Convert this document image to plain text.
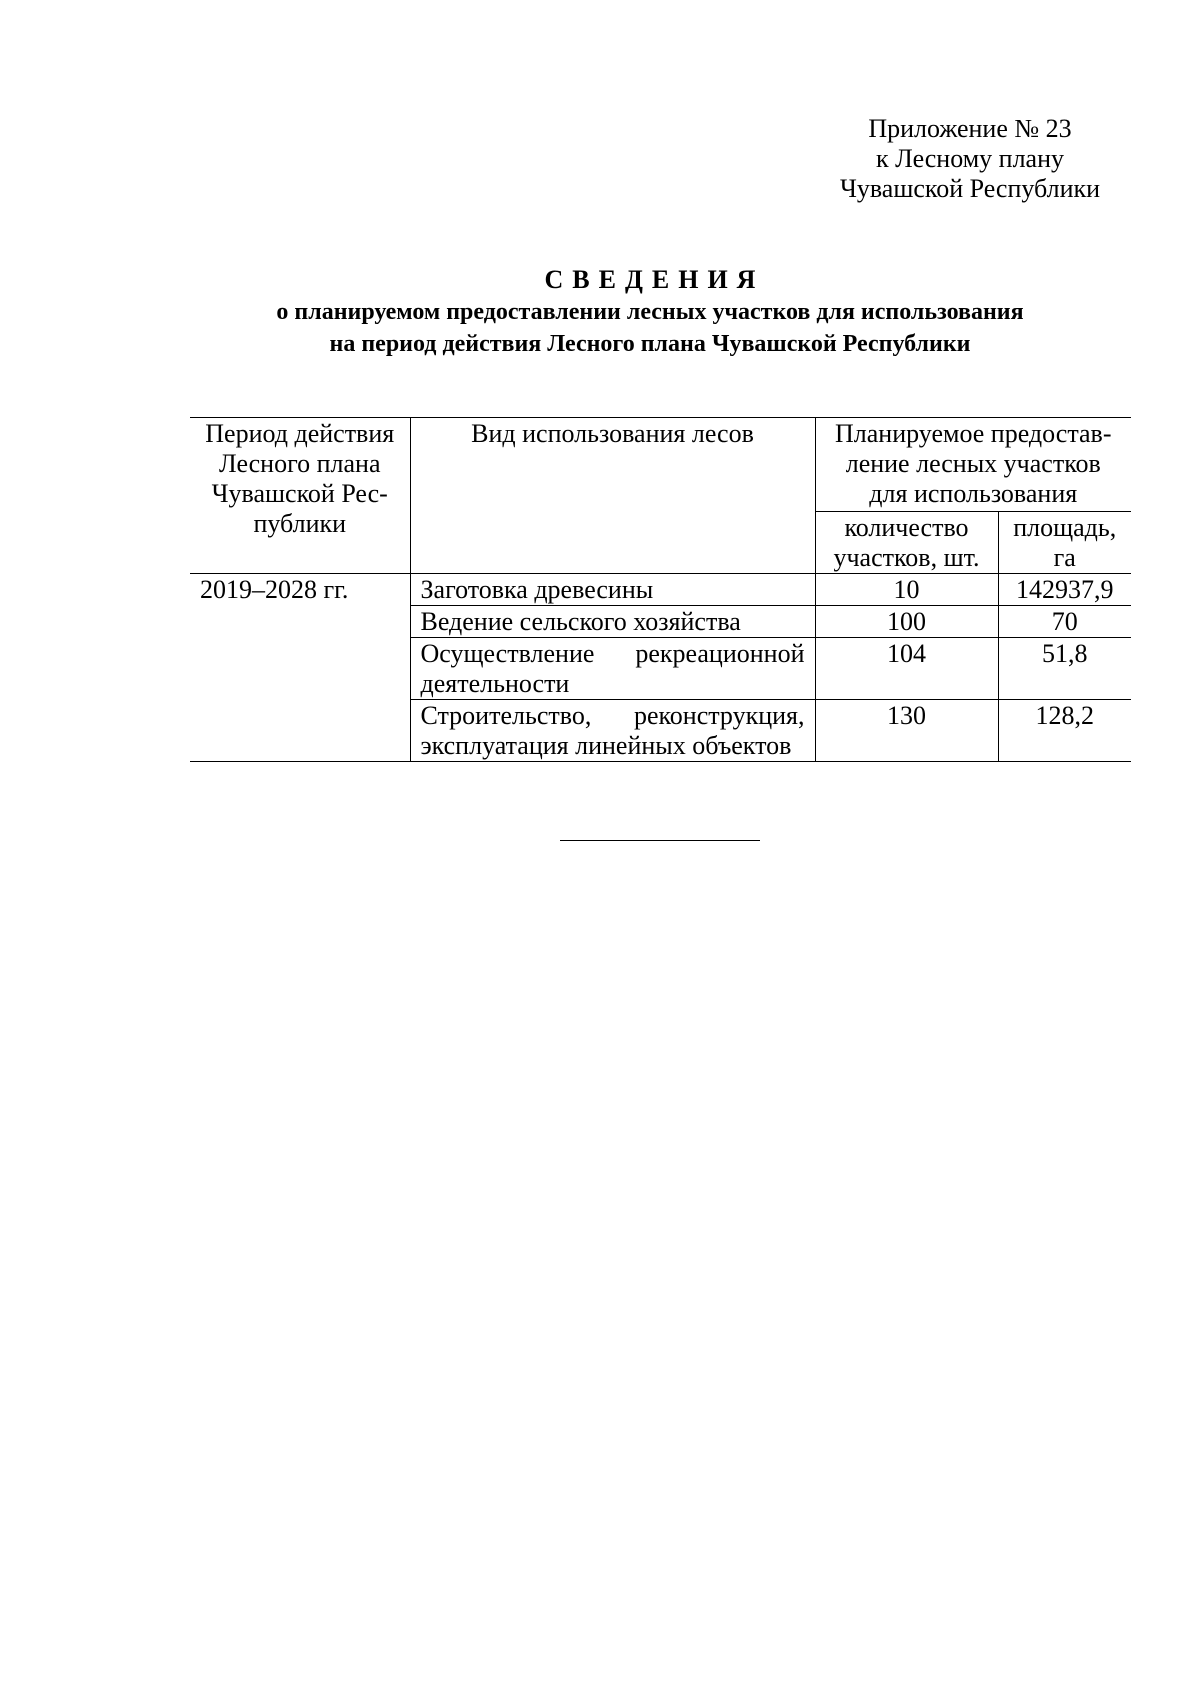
Приложение № 23
к Лесному плану
Чувашской Республики
СВЕДЕНИЯ
о планируемом предоставлении лесных участков для использования
на период действия Лесного плана Чувашской Республики
Период действия Лесного плана Чувашской Рес-публики	Вид использования лесов	Планируемое предостав-ление лесных участков для использования	
		количество участков, шт.	площадь, га
2019–2028 гг.	Заготовка древесины	10	142937,9
	Ведение сельского хозяйства	100	70
	Осуществление рекреационной деятельности	104	51,8
	Строительство, реконструкция, эксплуатация линейных объектов	130	128,2
